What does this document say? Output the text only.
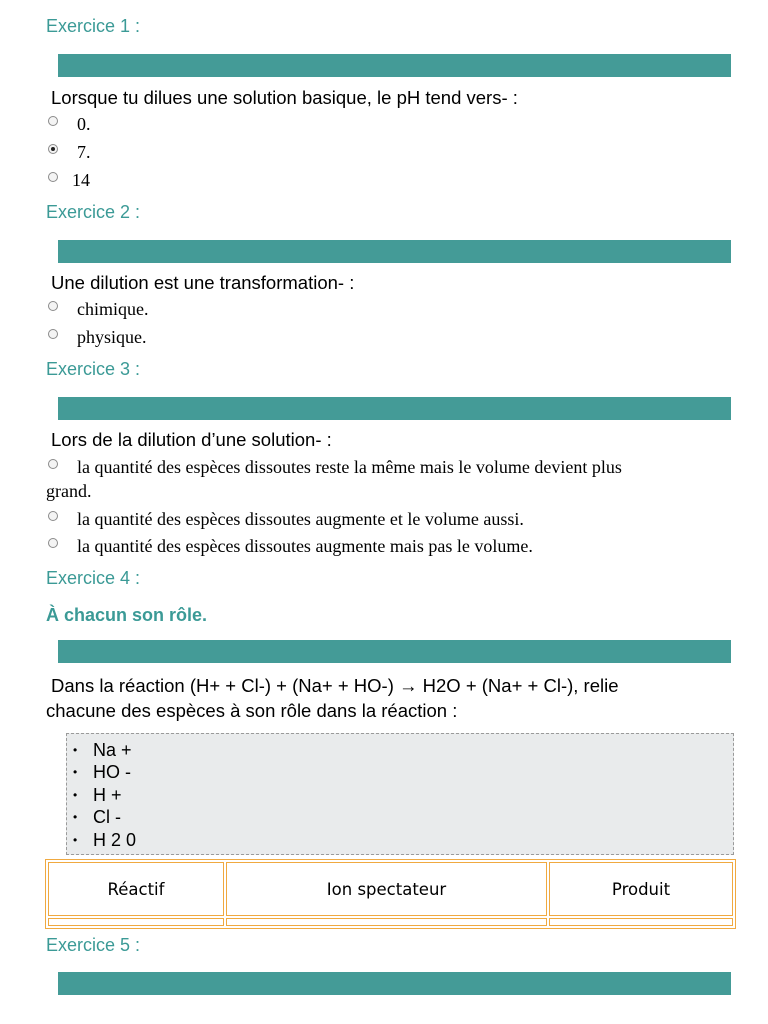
Exercice 1 :
Lorsque tu dilues une solution basique, le pH tend vers- :
0.
7.
14
Exercice 2 :
Une dilution est une transformation- :
chimique.
physique.
Exercice 3 :
Lors de la dilution d’une solution- :
la quantité des espèces dissoutes reste la même mais le volume devient plus
grand.
la quantité des espèces dissoutes augmente et le volume aussi.
la quantité des espèces dissoutes augmente mais pas le volume.
Exercice 4 :
À chacun son rôle.
Dans la réaction (H+ + Cl-) + (Na+ + HO-) → H2O + (Na+ + Cl-), relie
chacune des espèces à son rôle dans la réaction :
• Na +
• HO -
• H +
• Cl -
• H 2 0
Réactif	Ion spectateur	Produit

Exercice 5 :
